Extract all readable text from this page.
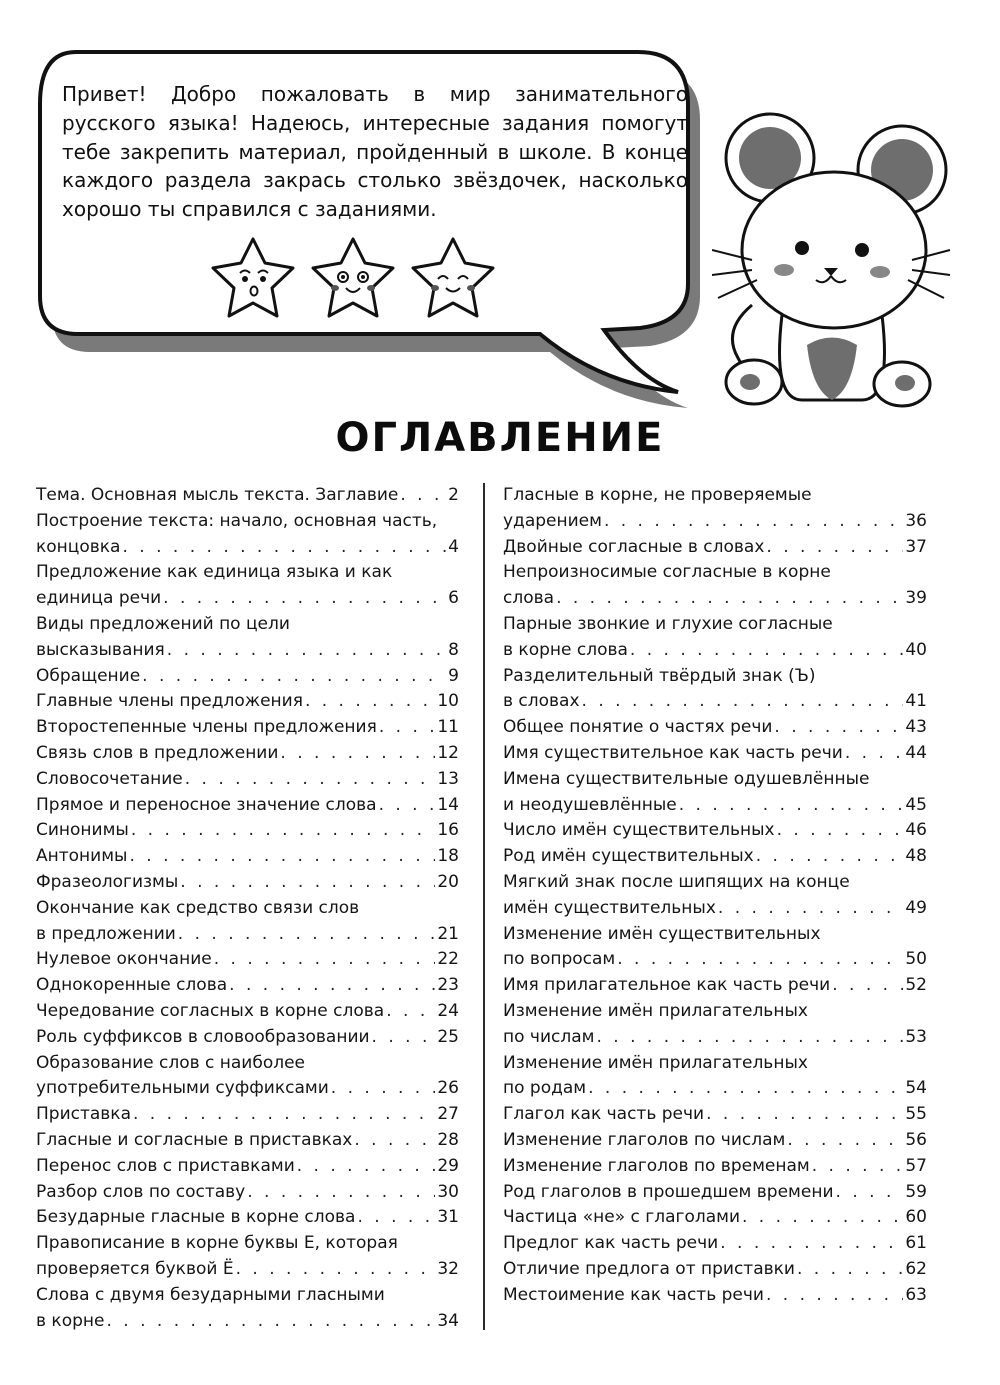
Привет! Добро пожаловать в мир занимательного русского языка! Надеюсь, интересные задания помогут тебе закрепить материал, пройденный в школе. В конце каждого раздела закрась столько звёздочек, насколько хорошо ты справился с заданиями.

ОГЛАВЛЕНИЕ
Тема. Основная мысль текста. Заглавие . . .	2
Построение текста: начало, основная часть,
концовка . . .	4
Предложение как единица языка и как
единица речи . . .	6
Виды предложений по цели
высказывания . . .	8
Обращение . . .	9
Главные члены предложения . . .	10
Второстепенные члены предложения . . .	11
Связь слов в предложении . . .	12
Словосочетание . . .	13
Прямое и переносное значение слова . . .	14
Синонимы . . .	16
Антонимы . . .	18
Фразеологизмы . . .	20
Окончание как средство связи слов
в предложении . . .	21
Нулевое окончание . . .	22
Однокоренные слова . . .	23
Чередование согласных в корне слова . . .	24
Роль суффиксов в словообразовании . . .	25
Образование слов с наиболее
употребительными суффиксами . . .	26
Приставка . . .	27
Гласные и согласные в приставках . . .	28
Перенос слов с приставками . . .	29
Разбор слов по составу . . .	30
Безударные гласные в корне слова . . .	31
Правописание в корне буквы Е, которая
проверяется буквой Ё . . .	32
Слова с двумя безударными гласными
в корне . . .	34
Гласные в корне, не проверяемые
ударением . . .	36
Двойные согласные в словах . . .	37
Непроизносимые согласные в корне
слова . . .	39
Парные звонкие и глухие согласные
в корне слова . . .	40
Разделительный твёрдый знак (Ъ)
в словах . . .	41
Общее понятие о частях речи . . .	43
Имя существительное как часть речи . . .	44
Имена существительные одушевлённые
и неодушевлённые . . .	45
Число имён существительных . . .	46
Род имён существительных . . .	48
Мягкий знак после шипящих на конце
имён существительных . . .	49
Изменение имён существительных
по вопросам . . .	50
Имя прилагательное как часть речи . . .	52
Изменение имён прилагательных
по числам . . .	53
Изменение имён прилагательных
по родам . . .	54
Глагол как часть речи . . .	55
Изменение глаголов по числам . . .	56
Изменение глаголов по временам . . .	57
Род глаголов в прошедшем времени . . .	59
Частица «не» с глаголами . . .	60
Предлог как часть речи . . .	61
Отличие предлога от приставки . . .	62
Местоимение как часть речи . . .	63
